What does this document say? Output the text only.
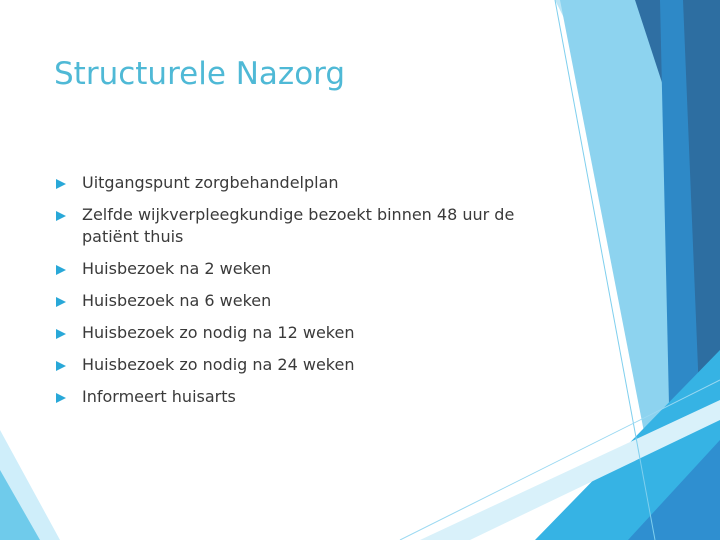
Structurele Nazorg
Uitgangspunt zorgbehandelplan
Zelfde wijkverpleegkundige bezoekt binnen 48 uur de patiënt thuis
Huisbezoek na 2 weken
Huisbezoek na 6 weken
Huisbezoek zo nodig na 12 weken
Huisbezoek zo nodig na 24 weken
Informeert huisarts
